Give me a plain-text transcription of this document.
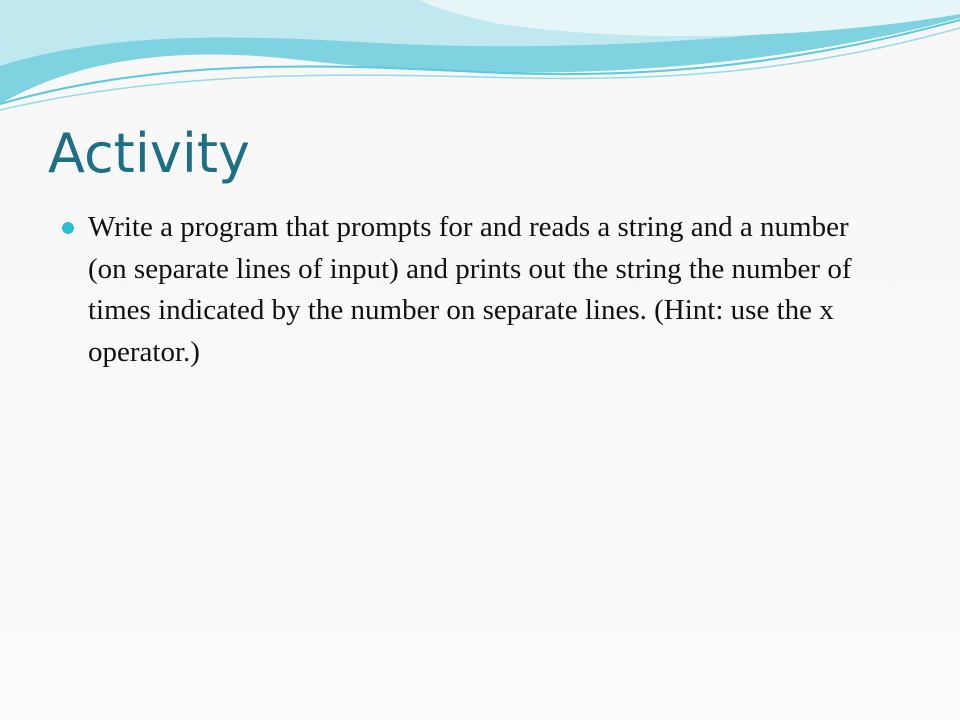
Activity
Write a program that prompts for and reads a string and a number (on separate lines of input) and prints out the string the number of times indicated by the number on separate lines. (Hint: use the x operator.)
